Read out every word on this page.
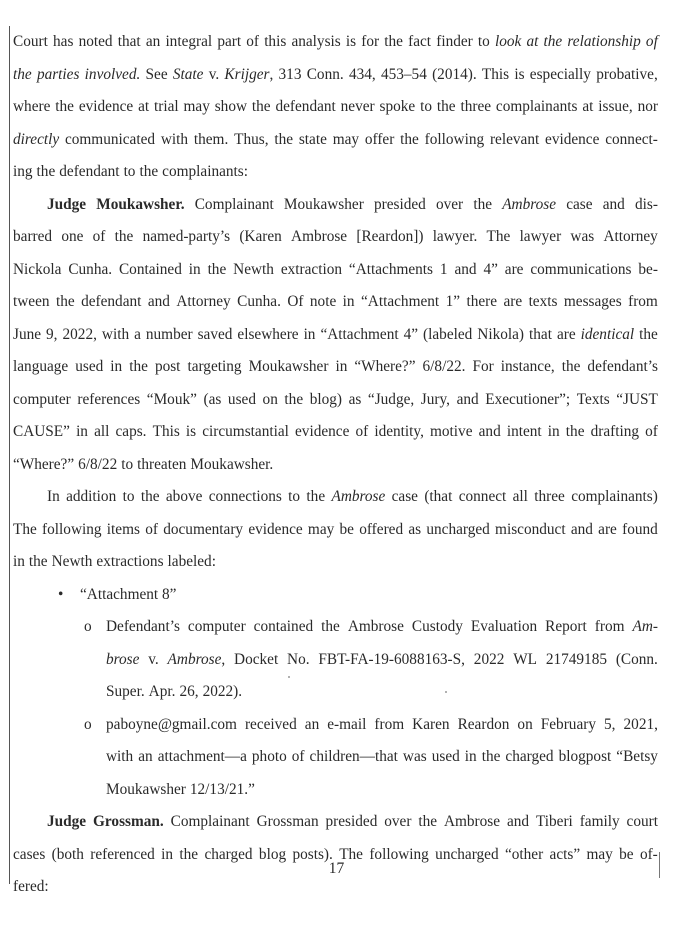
Court has noted that an integral part of this analysis is for the fact finder to look at the relationship of
the parties involved. See State v. Krijger, 313 Conn. 434, 453–54 (2014). This is especially probative,
where the evidence at trial may show the defendant never spoke to the three complainants at issue, nor
directly communicated with them. Thus, the state may offer the following relevant evidence connect-
ing the defendant to the complainants:
Judge Moukawsher. Complainant Moukawsher presided over the Ambrose case and dis-
barred one of the named-party’s (Karen Ambrose [Reardon]) lawyer. The lawyer was Attorney
Nickola Cunha. Contained in the Newth extraction “Attachments 1 and 4” are communications be-
tween the defendant and Attorney Cunha. Of note in “Attachment 1” there are texts messages from
June 9, 2022, with a number saved elsewhere in “Attachment 4” (labeled Nikola) that are identical the
language used in the post targeting Moukawsher in “Where?” 6/8/22. For instance, the defendant’s
computer references “Mouk” (as used on the blog) as “Judge, Jury, and Executioner”; Texts “JUST
CAUSE” in all caps. This is circumstantial evidence of identity, motive and intent in the drafting of
“Where?” 6/8/22 to threaten Moukawsher.
In addition to the above connections to the Ambrose case (that connect all three complainants)
The following items of documentary evidence may be offered as uncharged misconduct and are found
in the Newth extractions labeled:
•	“Attachment 8”
o Defendant’s computer contained the Ambrose Custody Evaluation Report from Am-
brose v. Ambrose, Docket No. FBT-FA-19-6088163-S, 2022 WL 21749185 (Conn.
Super. Apr. 26, 2022).
o paboyne@gmail.com received an e-mail from Karen Reardon on February 5, 2021,
with an attachment—a photo of children—that was used in the charged blogpost “Betsy
Moukawsher 12/13/21.”
Judge Grossman. Complainant Grossman presided over the Ambrose and Tiberi family court
cases (both referenced in the charged blog posts). The following uncharged “other acts” may be of-
fered:
17
